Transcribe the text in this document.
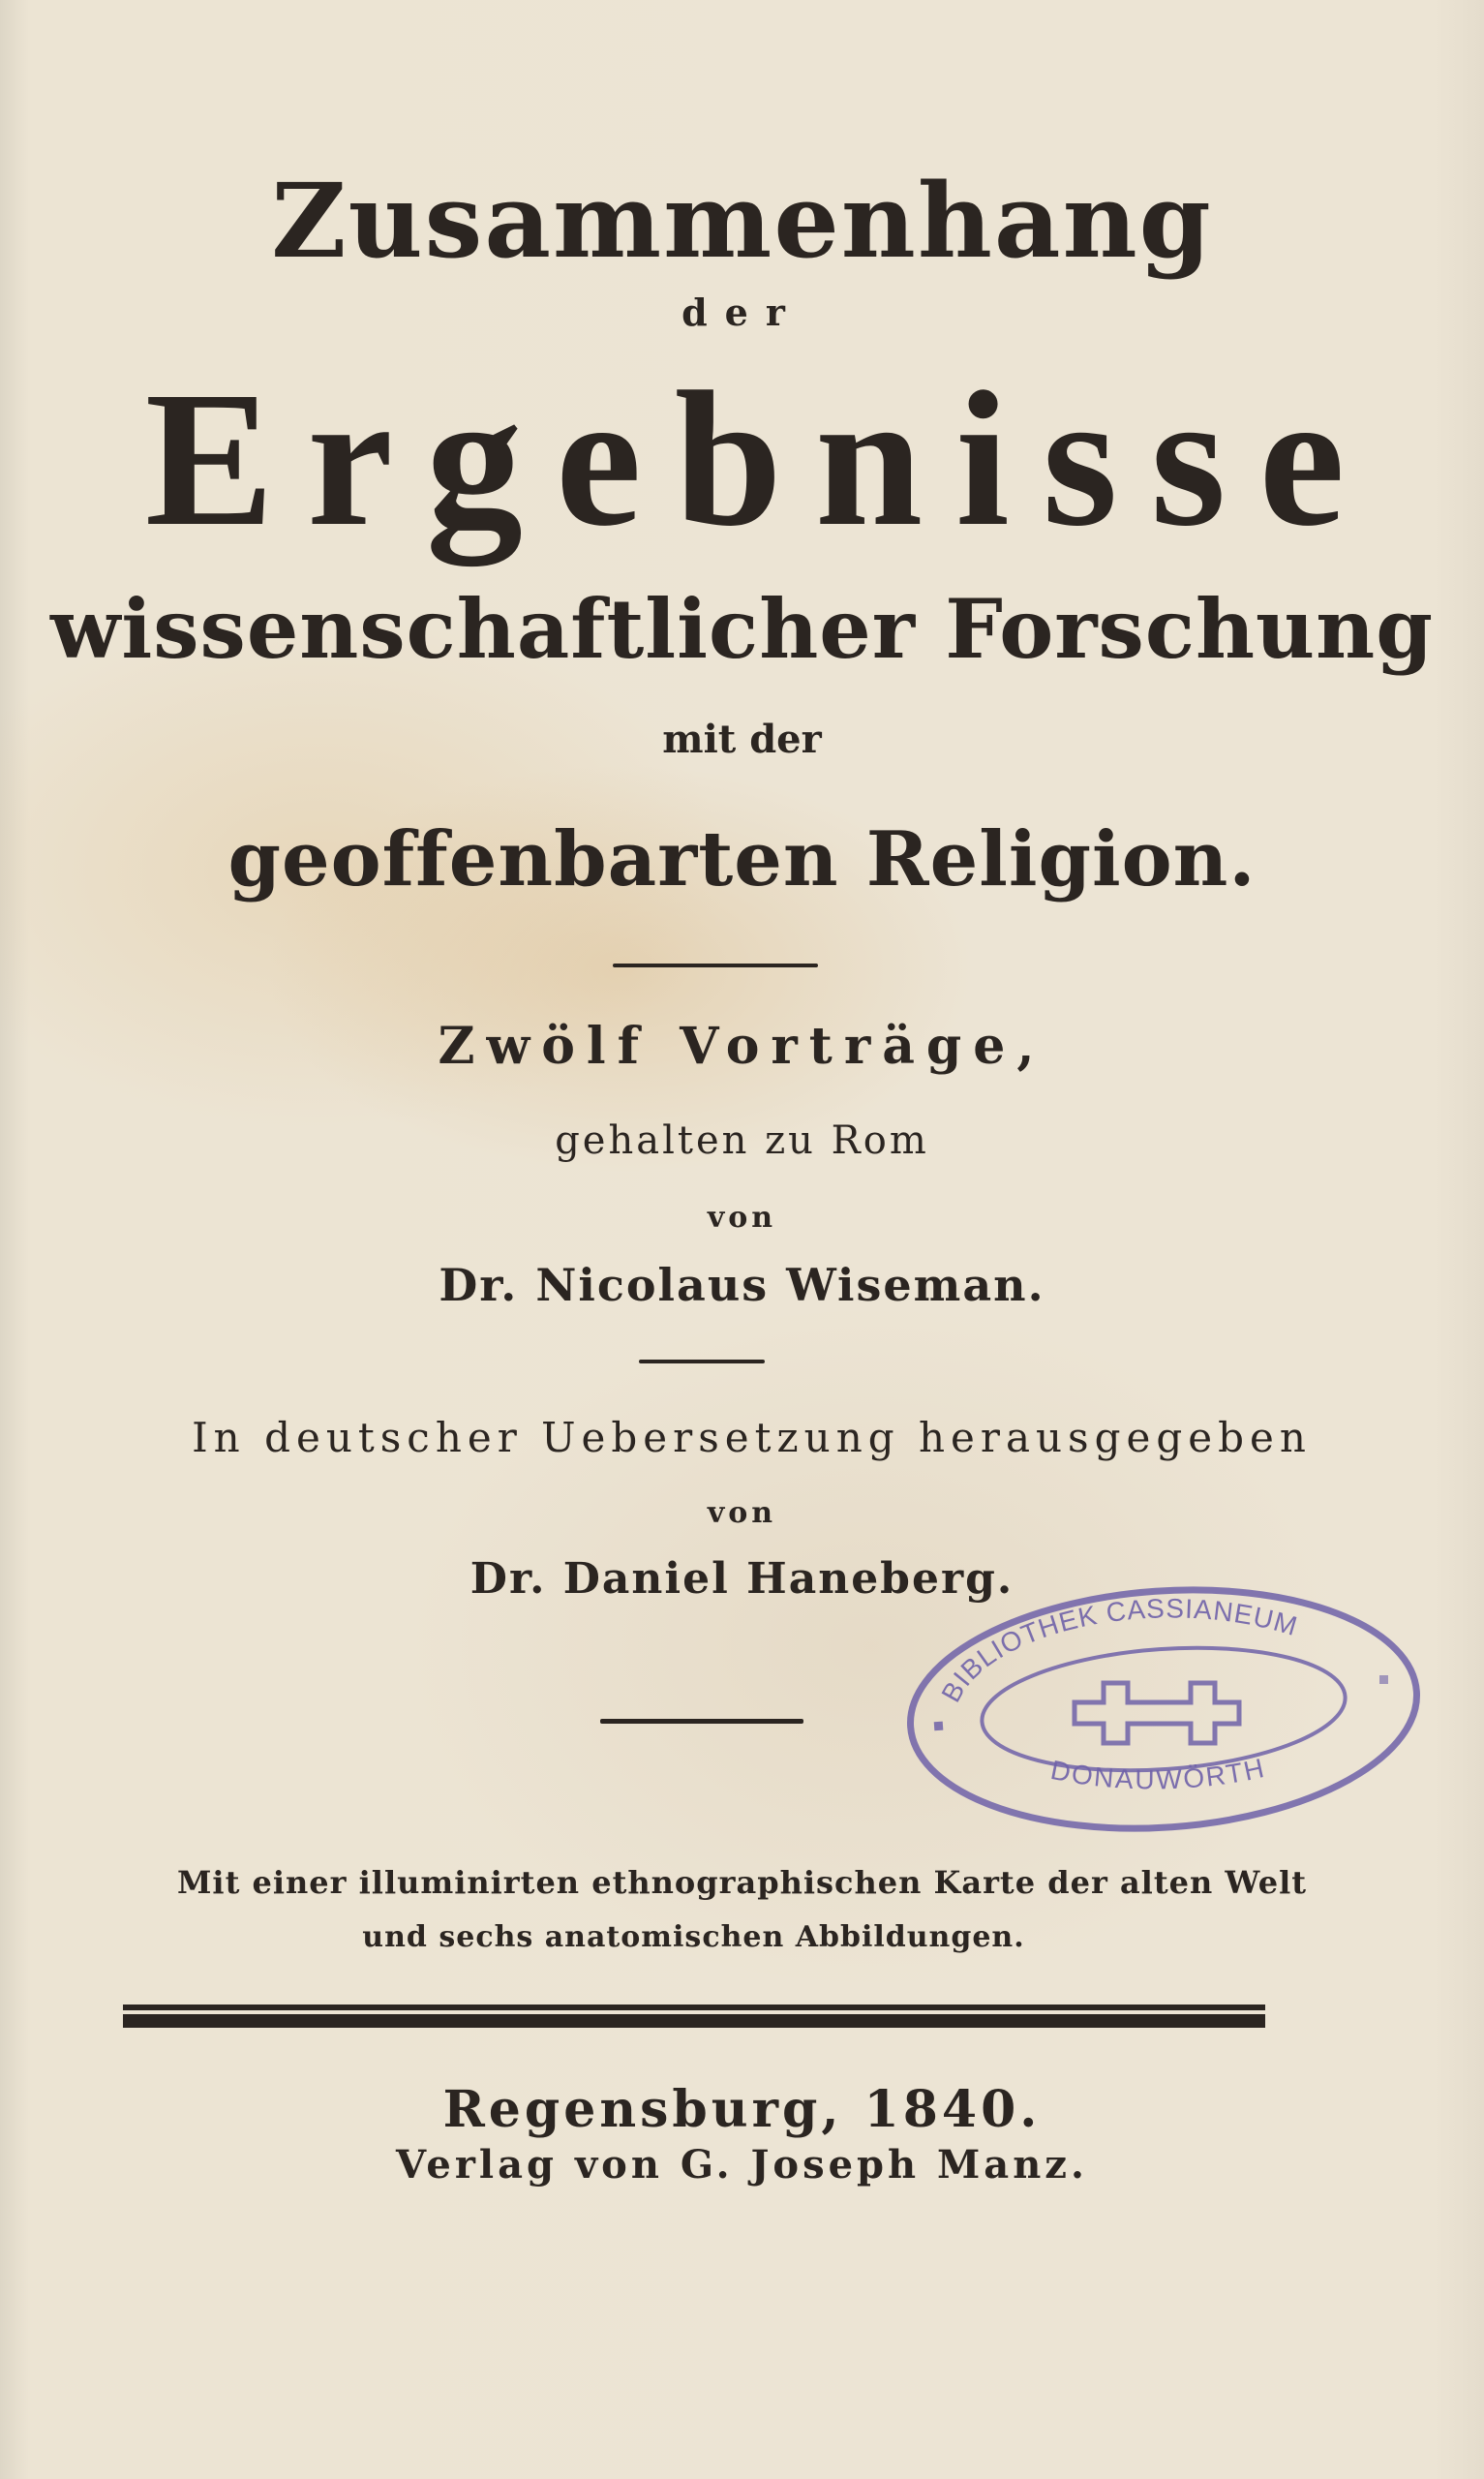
Zusammenhang
der
Ergebnisse
wissenschaftlicher Forschung
mit der
geoffenbarten Religion.
Zwölf Vorträge,
gehalten zu Rom
von
Dr. Nicolaus Wiseman.
In deutscher Uebersetzung herausgegeben
von
Dr. Daniel Haneberg.
BIBLIOTHEK CASSIANEUM
DONAUWÖRTH
Mit einer illuminirten ethnographischen Karte der alten Welt
und sechs anatomischen Abbildungen.
Regensburg, 1840.
Verlag von G. Joseph Manz.
